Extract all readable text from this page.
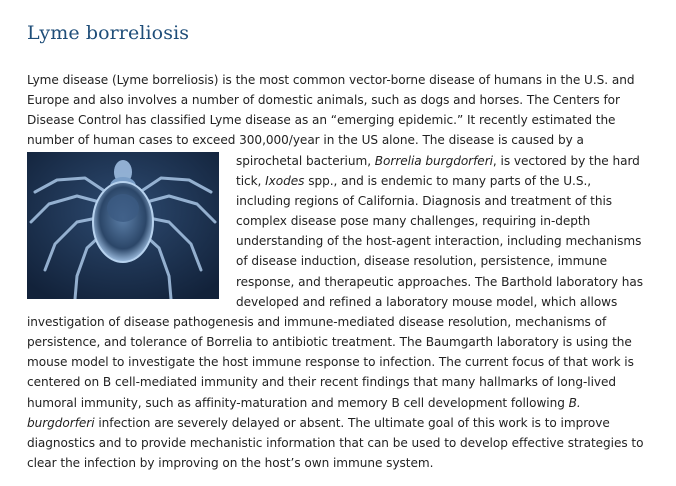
Lyme borreliosis
Lyme disease (Lyme borreliosis) is the most common vector-borne disease of humans in the U.S. and
Europe and also involves a number of domestic animals, such as dogs and horses. The Centers for
Disease Control has classified Lyme disease as an “emerging epidemic.” It recently estimated the
number of human cases to exceed 300,000/year in the US alone. The disease is caused by a
spirochetal bacterium, Borrelia burgdorferi, is vectored by the hard
tick, Ixodes spp., and is endemic to many parts of the U.S.,
including regions of California. Diagnosis and treatment of this
complex disease pose many challenges, requiring in-depth
understanding of the host-agent interaction, including mechanisms
of disease induction, disease resolution, persistence, immune
response, and therapeutic approaches. The Barthold laboratory has
developed and refined a laboratory mouse model, which allows
investigation of disease pathogenesis and immune-mediated disease resolution, mechanisms of
persistence, and tolerance of Borrelia to antibiotic treatment. The Baumgarth laboratory is using the
mouse model to investigate the host immune response to infection. The current focus of that work is
centered on B cell-mediated immunity and their recent findings that many hallmarks of long-lived
humoral immunity, such as affinity-maturation and memory B cell development following B.
burgdorferi infection are severely delayed or absent. The ultimate goal of this work is to improve
diagnostics and to provide mechanistic information that can be used to develop effective strategies to
clear the infection by improving on the host’s own immune system.
